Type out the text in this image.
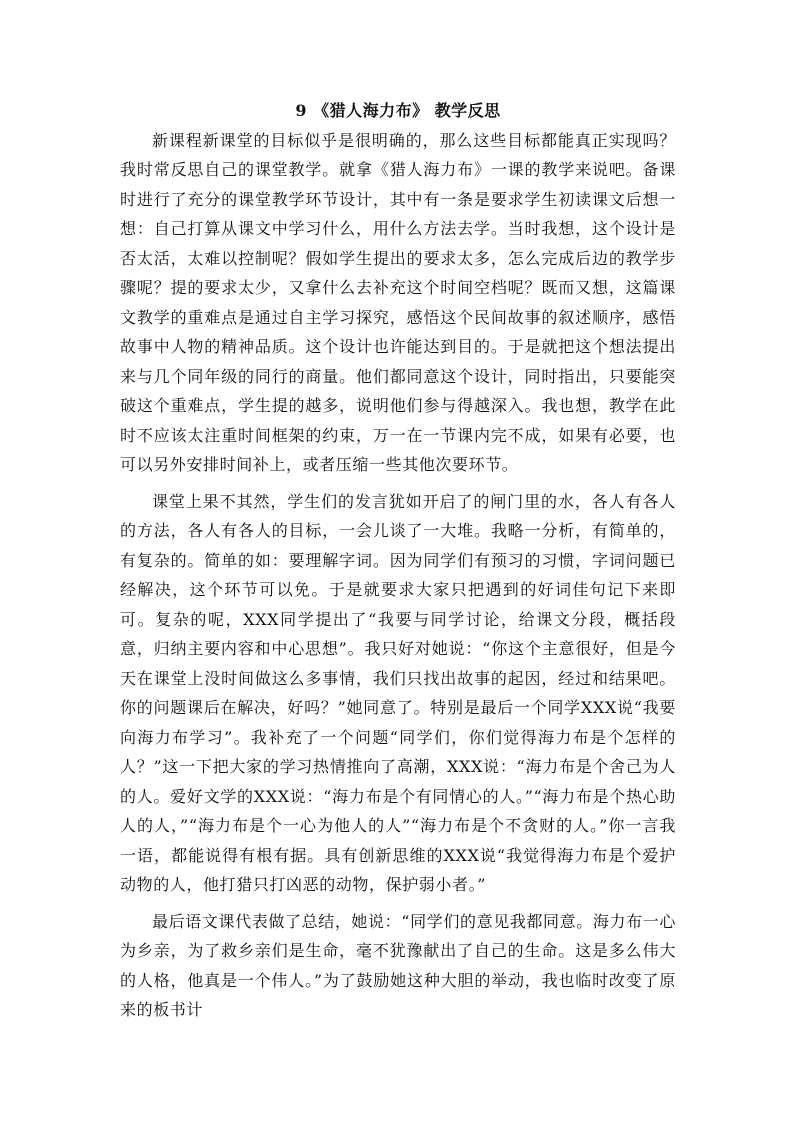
9 《猎人海力布》 教学反思

新课程新课堂的目标似乎是很明确的，那么这些目标都能真正实现吗？我时常反思自己的课堂教学。就拿《猎人海力布》一课的教学来说吧。备课时进行了充分的课堂教学环节设计，其中有一条是要求学生初读课文后想一想：自己打算从课文中学习什么，用什么方法去学。当时我想，这个设计是否太活，太难以控制呢？假如学生提出的要求太多，怎么完成后边的教学步骤呢？提的要求太少，又拿什么去补充这个时间空档呢？既而又想，这篇课文教学的重难点是通过自主学习探究，感悟这个民间故事的叙述顺序，感悟故事中人物的精神品质。这个设计也许能达到目的。于是就把这个想法提出来与几个同年级的同行的商量。他们都同意这个设计，同时指出，只要能突破这个重难点，学生提的越多，说明他们参与得越深入。我也想，教学在此时不应该太注重时间框架的约束，万一在一节课内完不成，如果有必要，也可以另外安排时间补上，或者压缩一些其他次要环节。

课堂上果不其然，学生们的发言犹如开启了的闸门里的水，各人有各人的方法，各人有各人的目标，一会儿谈了一大堆。我略一分析，有简单的，有复杂的。简单的如：要理解字词。因为同学们有预习的习惯，字词问题已经解决，这个环节可以免。于是就要求大家只把遇到的好词佳句记下来即可。复杂的呢，XXX同学提出了“我要与同学讨论，给课文分段，概括段意，归纳主要内容和中心思想”。我只好对她说：“你这个主意很好，但是今天在课堂上没时间做这么多事情，我们只找出故事的起因，经过和结果吧。你的问题课后在解决，好吗？”她同意了。特别是最后一个同学XXX说“我要向海力布学习”。我补充了一个问题“同学们，你们觉得海力布是个怎样的人？”这一下把大家的学习热情推向了高潮，XXX说：“海力布是个舍己为人的人。爱好文学的XXX说：“海力布是个有同情心的人。”“海力布是个热心助人的人，”“海力布是个一心为他人的人”“海力布是个不贪财的人。”你一言我一语，都能说得有根有据。具有创新思维的XXX说“我觉得海力布是个爱护动物的人，他打猎只打凶恶的动物，保护弱小者。”

最后语文课代表做了总结，她说：“同学们的意见我都同意。海力布一心为乡亲，为了救乡亲们是生命，毫不犹豫献出了自己的生命。这是多么伟大的人格，他真是一个伟人。”为了鼓励她这种大胆的举动，我也临时改变了原来的板书计
